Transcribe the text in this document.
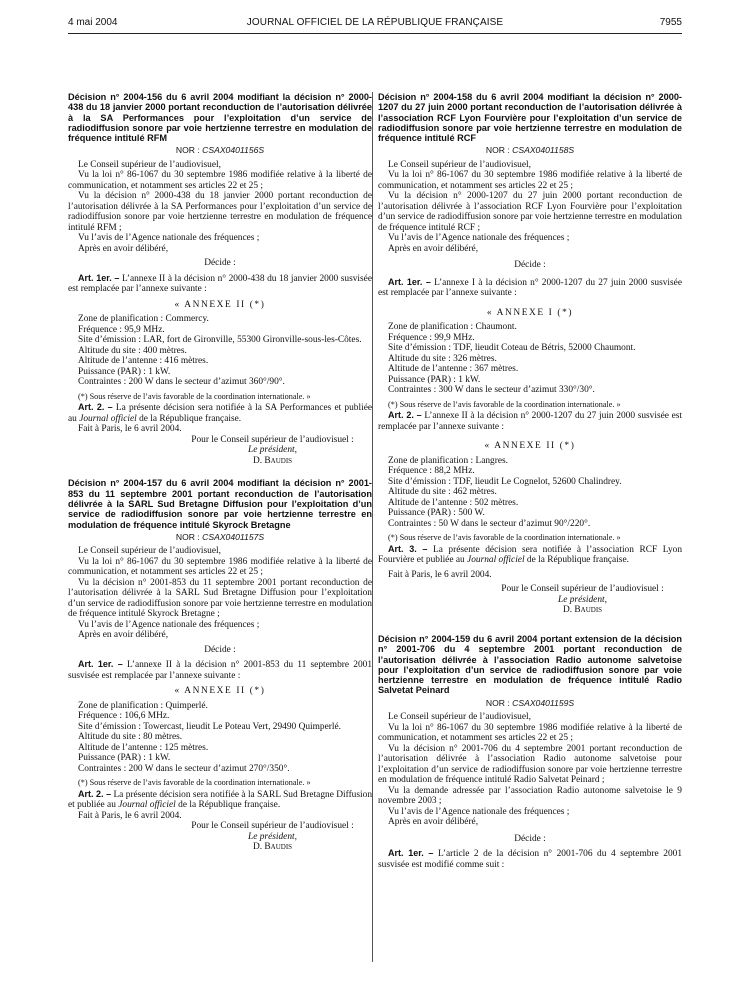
4 mai 2004	JOURNAL OFFICIEL DE LA RÉPUBLIQUE FRANÇAISE	7955
Décision n° 2004-156 du 6 avril 2004 modifiant la décision n° 2000-438 du 18 janvier 2000 portant reconduction de l’autorisation délivrée à la SA Performances pour l’exploitation d’un service de radiodiffusion sonore par voie hertzienne terrestre en modulation de fréquence intitulé RFM
NOR : CSAX0401156S

Le Conseil supérieur de l’audiovisuel,

Vu la loi n° 86-1067 du 30 septembre 1986 modifiée relative à la liberté de communication, et notamment ses articles 22 et 25 ;

Vu la décision n° 2000-438 du 18 janvier 2000 portant reconduction de l’autorisation délivrée à la SA Performances pour l’exploitation d’un service de radiodiffusion sonore par voie hertzienne terrestre en modulation de fréquence intitulé RFM ;

Vu l’avis de l’Agence nationale des fréquences ;

Après en avoir délibéré,

Décide :

Art. 1er. – L’annexe II à la décision n° 2000-438 du 18 janvier 2000 susvisée est remplacée par l’annexe suivante :

« ANNEXE II (*)

Zone de planification : Commercy.

Fréquence : 95,9 MHz.

Site d’émission : LAR, fort de Gironville, 55300 Gironville-sous-les-Côtes.

Altitude du site : 400 mètres.

Altitude de l’antenne : 416 mètres.

Puissance (PAR) : 1 kW.

Contraintes : 200 W dans le secteur d’azimut 360°/90°.

(*) Sous réserve de l’avis favorable de la coordination internationale. »

Art. 2. – La présente décision sera notifiée à la SA Performances et publiée au Journal officiel de la République française.

Fait à Paris, le 6 avril 2004.

Pour le Conseil supérieur de l’audiovisuel :

Le président,

D. Baudis

Décision n° 2004-157 du 6 avril 2004 modifiant la décision n° 2001-853 du 11 septembre 2001 portant reconduction de l’autorisation délivrée à la SARL Sud Bretagne Diffusion pour l’exploitation d’un service de radiodiffusion sonore par voie hertzienne terrestre en modulation de fréquence intitulé Skyrock Bretagne
NOR : CSAX0401157S

Le Conseil supérieur de l’audiovisuel,

Vu la loi n° 86-1067 du 30 septembre 1986 modifiée relative à la liberté de communication, et notamment ses articles 22 et 25 ;

Vu la décision n° 2001-853 du 11 septembre 2001 portant reconduction de l’autorisation délivrée à la SARL Sud Bretagne Diffusion pour l’exploitation d’un service de radiodiffusion sonore par voie hertzienne terrestre en modulation de fréquence intitulé Skyrock Bretagne ;

Vu l’avis de l’Agence nationale des fréquences ;

Après en avoir délibéré,

Décide :

Art. 1er. – L’annexe II à la décision n° 2001-853 du 11 septembre 2001 susvisée est remplacée par l’annexe suivante :

« ANNEXE II (*)

Zone de planification : Quimperlé.

Fréquence : 106,6 MHz.

Site d’émission : Towercast, lieudit Le Poteau Vert, 29490 Quimperlé.

Altitude du site : 80 mètres.

Altitude de l’antenne : 125 mètres.

Puissance (PAR) : 1 kW.

Contraintes : 200 W dans le secteur d’azimut 270°/350°.

(*) Sous réserve de l’avis favorable de la coordination internationale. »

Art. 2. – La présente décision sera notifiée à la SARL Sud Bretagne Diffusion et publiée au Journal officiel de la République française.

Fait à Paris, le 6 avril 2004.

Pour le Conseil supérieur de l’audiovisuel :

Le président,

D. Baudis

Décision n° 2004-158 du 6 avril 2004 modifiant la décision n° 2000-1207 du 27 juin 2000 portant reconduction de l’autorisation délivrée à l’association RCF Lyon Fourvière pour l’exploitation d’un service de radiodiffusion sonore par voie hertzienne terrestre en modulation de fréquence intitulé RCF
NOR : CSAX0401158S

Le Conseil supérieur de l’audiovisuel,

Vu la loi n° 86-1067 du 30 septembre 1986 modifiée relative à la liberté de communication, et notamment ses articles 22 et 25 ;

Vu la décision n° 2000-1207 du 27 juin 2000 portant reconduction de l’autorisation délivrée à l’association RCF Lyon Fourvière pour l’exploitation d’un service de radiodiffusion sonore par voie hertzienne terrestre en modulation de fréquence intitulé RCF ;

Vu l’avis de l’Agence nationale des fréquences ;

Après en avoir délibéré,

Décide :

Art. 1er. – L’annexe I à la décision n° 2000-1207 du 27 juin 2000 susvisée est remplacée par l’annexe suivante :

« ANNEXE I (*)

Zone de planification : Chaumont.

Fréquence : 99,9 MHz.

Site d’émission : TDF, lieudit Coteau de Bétris, 52000 Chaumont.

Altitude du site : 326 mètres.

Altitude de l’antenne : 367 mètres.

Puissance (PAR) : 1 kW.

Contraintes : 300 W dans le secteur d’azimut 330°/30°.

(*) Sous réserve de l’avis favorable de la coordination internationale. »

Art. 2. – L’annexe II à la décision n° 2000-1207 du 27 juin 2000 susvisée est remplacée par l’annexe suivante :

« ANNEXE II (*)

Zone de planification : Langres.

Fréquence : 88,2 MHz.

Site d’émission : TDF, lieudit Le Cognelot, 52600 Chalindrey.

Altitude du site : 462 mètres.

Altitude de l’antenne : 502 mètres.

Puissance (PAR) : 500 W.

Contraintes : 50 W dans le secteur d’azimut 90°/220°.

(*) Sous réserve de l’avis favorable de la coordination internationale. »

Art. 3. – La présente décision sera notifiée à l’association RCF Lyon Fourvière et publiée au Journal officiel de la République française.

Fait à Paris, le 6 avril 2004.

Pour le Conseil supérieur de l’audiovisuel :

Le président,

D. Baudis

Décision n° 2004-159 du 6 avril 2004 portant extension de la décision n° 2001-706 du 4 septembre 2001 portant reconduction de l’autorisation délivrée à l’association Radio autonome salvetoise pour l’exploitation d’un service de radiodiffusion sonore par voie hertzienne terrestre en modulation de fréquence intitulé Radio Salvetat Peinard
NOR : CSAX0401159S

Le Conseil supérieur de l’audiovisuel,

Vu la loi n° 86-1067 du 30 septembre 1986 modifiée relative à la liberté de communication, et notamment ses articles 22 et 25 ;

Vu la décision n° 2001-706 du 4 septembre 2001 portant reconduction de l’autorisation délivrée à l’association Radio autonome salvetoise pour l’exploitation d’un service de radiodiffusion sonore par voie hertzienne terrestre en modulation de fréquence intitulé Radio Salvetat Peinard ;

Vu la demande adressée par l’association Radio autonome salvetoise le 9 novembre 2003 ;

Vu l’avis de l’Agence nationale des fréquences ;

Après en avoir délibéré,

Décide :

Art. 1er. – L’article 2 de la décision n° 2001-706 du 4 septembre 2001 susvisée est modifié comme suit :
